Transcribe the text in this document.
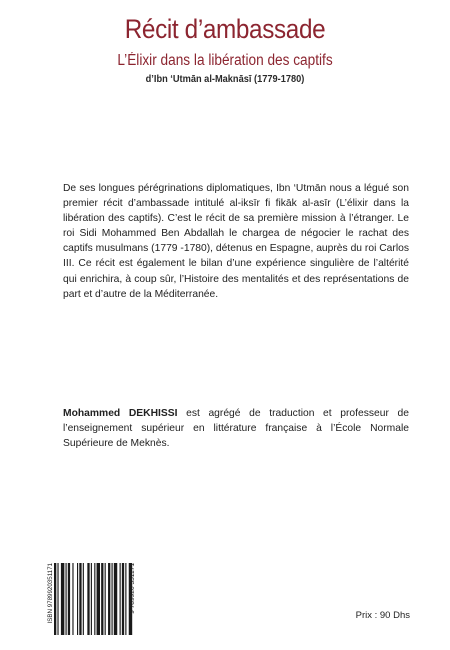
Récit d’ambassade
L’Élixir dans la libération des captifs
d’Ibn ‘Utmān al-Maknāsī (1779-1780)

De ses longues pérégrinations diplomatiques, Ibn ‘Utmān nous a légué son premier récit d’ambassade intitulé al-iksīr fi fikāk al-asīr (L’élixir dans la libération des captifs). C’est le récit de sa première mission à l’étranger. Le roi Sidi Mohammed Ben Abdallah le chargea de négocier le rachat des captifs musulmans (1779 -1780), détenus en Espagne, auprès du roi Carlos III. Ce récit est également le bilan d’une expérience singulière de l’altérité qui enrichira, à coup sûr, l’Histoire des mentalités et des représentations de part et d’autre de la Méditerranée.

Mohammed DEKHISSI est agrégé de traduction et professeur de l’enseignement supérieur en littérature française à l’École Normale Supérieure de Meknès.

ISBN 9789920351171	9 789920 351171
Prix : 90 Dhs
